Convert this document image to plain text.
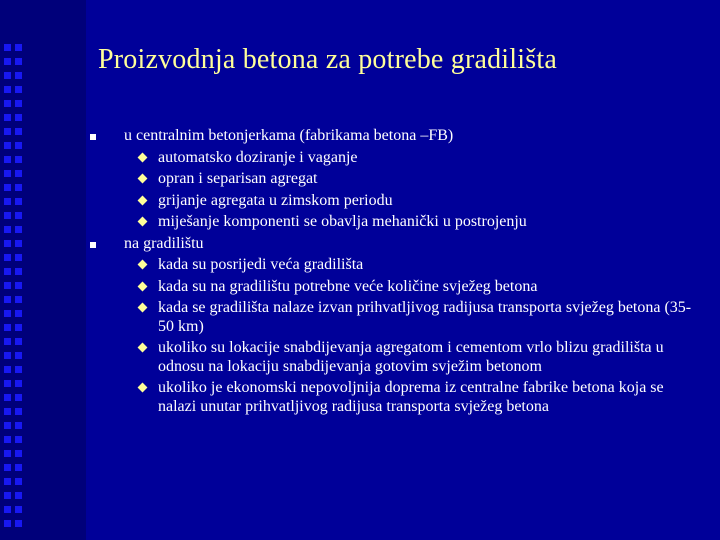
Proizvodnja betona za potrebe gradilišta
u centralnim betonjerkama (fabrikama betona –FB)
automatsko doziranje i vaganje
opran i separisan agregat
grijanje agregata u zimskom periodu
miješanje komponenti se obavlja mehanički u postrojenju
na gradilištu
kada su posrijedi veća gradilišta
kada su na gradilištu potrebne veće količine svježeg betona
kada se gradilišta nalaze izvan prihvatljivog radijusa transporta svježeg betona (35-50 km)
ukoliko su lokacije snabdijevanja agregatom i cementom vrlo blizu gradilišta u odnosu na lokaciju snabdijevanja gotovim svježim betonom
ukoliko je ekonomski nepovoljnija doprema iz centralne fabrike betona koja se nalazi unutar prihvatljivog radijusa transporta svježeg betona
